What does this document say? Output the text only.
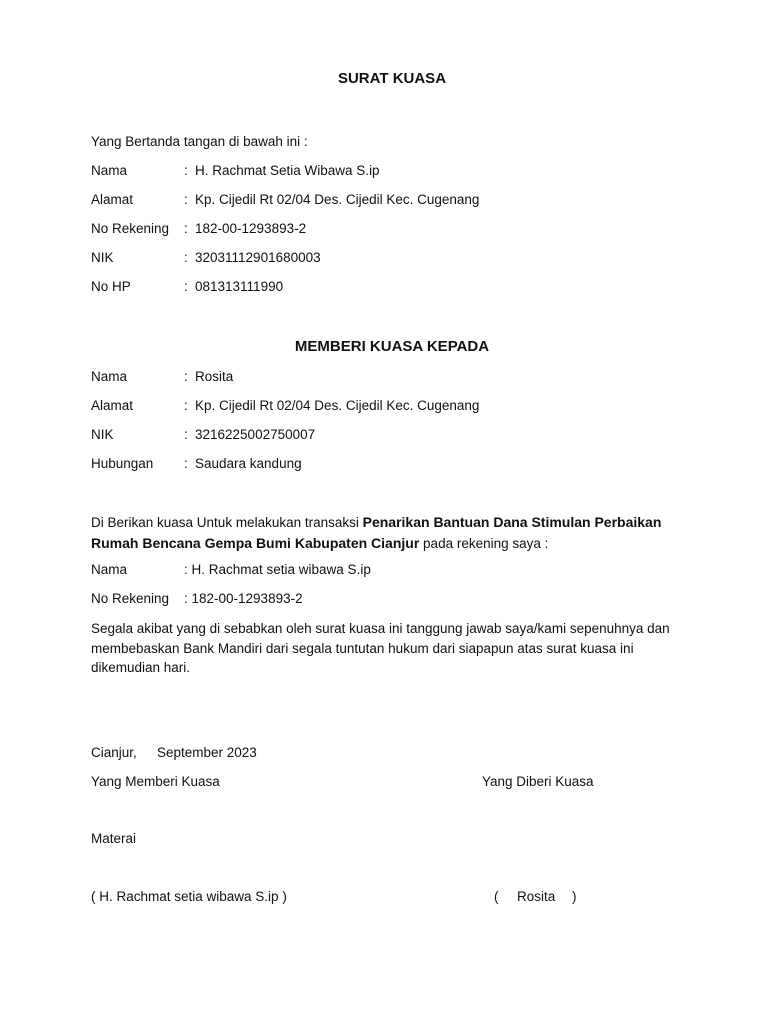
SURAT KUASA
Yang Bertanda tangan di bawah ini :
Nama	: H. Rachmat Setia Wibawa S.ip
Alamat	: Kp. Cijedil Rt 02/04 Des. Cijedil Kec. Cugenang
No Rekening : 182-00-1293893-2
NIK	: 32031112901680003
No HP	: 081313111990
MEMBERI KUASA KEPADA
Nama	: Rosita
Alamat	: Kp. Cijedil Rt 02/04 Des. Cijedil Kec. Cugenang
NIK	: 3216225002750007
Hubungan : Saudara kandung
Di Berikan kuasa Untuk melakukan transaksi Penarikan Bantuan Dana Stimulan Perbaikan Rumah Bencana Gempa Bumi Kabupaten Cianjur pada rekening saya :
Nama	: H. Rachmat setia wibawa S.ip
No Rekening : 182-00-1293893-2
Segala akibat yang di sebabkan oleh surat kuasa ini tanggung jawab saya/kami sepenuhnya dan membebaskan Bank Mandiri dari segala tuntutan hukum dari siapapun atas surat kuasa ini dikemudian hari.
Cianjur, September 2023
Yang Memberi Kuasa	Yang Diberi Kuasa
Materai
( H. Rachmat setia wibawa S.ip )	( Rosita )
